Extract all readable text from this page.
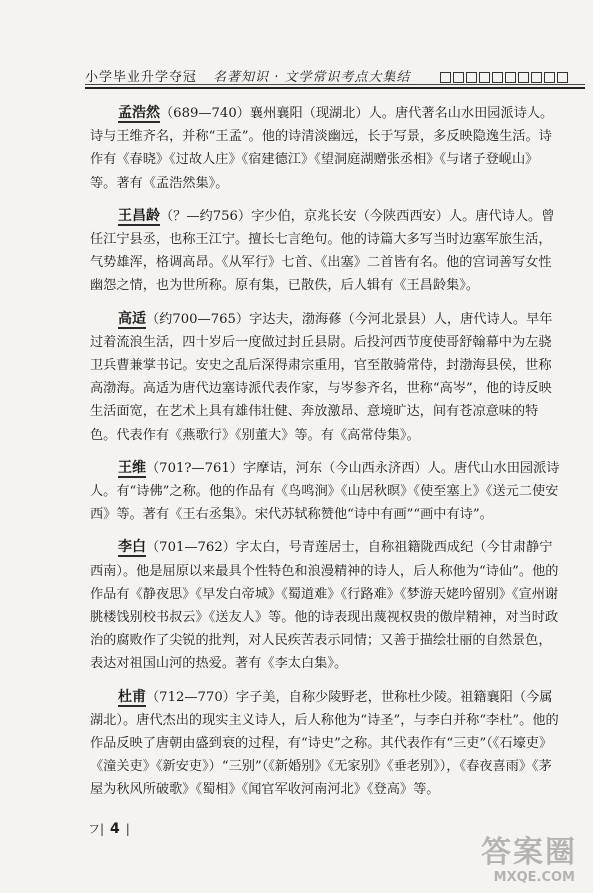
小学毕业升学夺冠 名著知识 · 文学常识考点大集结

孟浩然（689—740）襄州襄阳（现湖北）人。唐代著名山水田园派诗人。诗与王维齐名，并称“王孟”。他的诗清淡幽远，长于写景，多反映隐逸生活。诗作有《春晓》《过故人庄》《宿建德江》《望洞庭湖赠张丞相》《与诸子登岘山》等。著有《孟浩然集》。

王昌龄（？—约756）字少伯，京兆长安（今陕西西安）人。唐代诗人。曾任江宁县丞，也称王江宁。擅长七言绝句。他的诗篇大多写当时边塞军旅生活，气势雄浑，格调高昂。《从军行》七首、《出塞》二首皆有名。他的宫词善写女性幽怨之情，也为世所称。原有集，已散佚，后人辑有《王昌龄集》。

高适（约700—765）字达夫，渤海蓚（今河北景县）人，唐代诗人。早年过着流浪生活，四十岁后一度做过封丘县尉。后投河西节度使哥舒翰幕中为左骁卫兵曹兼掌书记。安史之乱后深得肃宗重用，官至散骑常侍，封渤海县侯，世称高渤海。高适为唐代边塞诗派代表作家，与岑参齐名，世称“高岑”，他的诗反映生活面宽，在艺术上具有雄伟壮健、奔放激昂、意境旷达，间有苍凉意味的特色。代表作有《燕歌行》《别董大》等。有《高常侍集》。

王维（701?—761）字摩诘，河东（今山西永济西）人。唐代山水田园派诗人。有“诗佛”之称。他的作品有《鸟鸣涧》《山居秋暝》《使至塞上》《送元二使安西》等。著有《王右丞集》。宋代苏轼称赞他“诗中有画”“画中有诗”。

李白（701—762）字太白，号青莲居士，自称祖籍陇西成纪（今甘肃静宁西南）。他是屈原以来最具个性特色和浪漫精神的诗人，后人称他为“诗仙”。他的作品有《静夜思》《早发白帝城》《蜀道难》《行路难》《梦游天姥吟留别》《宣州谢朓楼饯别校书叔云》《送友人》等。他的诗表现出蔑视权贵的傲岸精神，对当时政治的腐败作了尖锐的批判，对人民疾苦表示同情；又善于描绘壮丽的自然景色，表达对祖国山河的热爱。著有《李太白集》。

杜甫（712—770）字子美，自称少陵野老，世称杜少陵。祖籍襄阳（今属湖北）。唐代杰出的现实主义诗人，后人称他为“诗圣”，与李白并称“李杜”。他的作品反映了唐朝由盛到衰的过程，有“诗史”之称。其代表作有“三吏”（《石壕吏》《潼关吏》《新安吏》）“三别”（《新婚别》《无家别》《垂老别》），《春夜喜雨》《茅屋为秋风所破歌》《蜀相》《闻官军收河南河北》《登高》等。

フ| 4 |
答案圈
MXQE.COM
